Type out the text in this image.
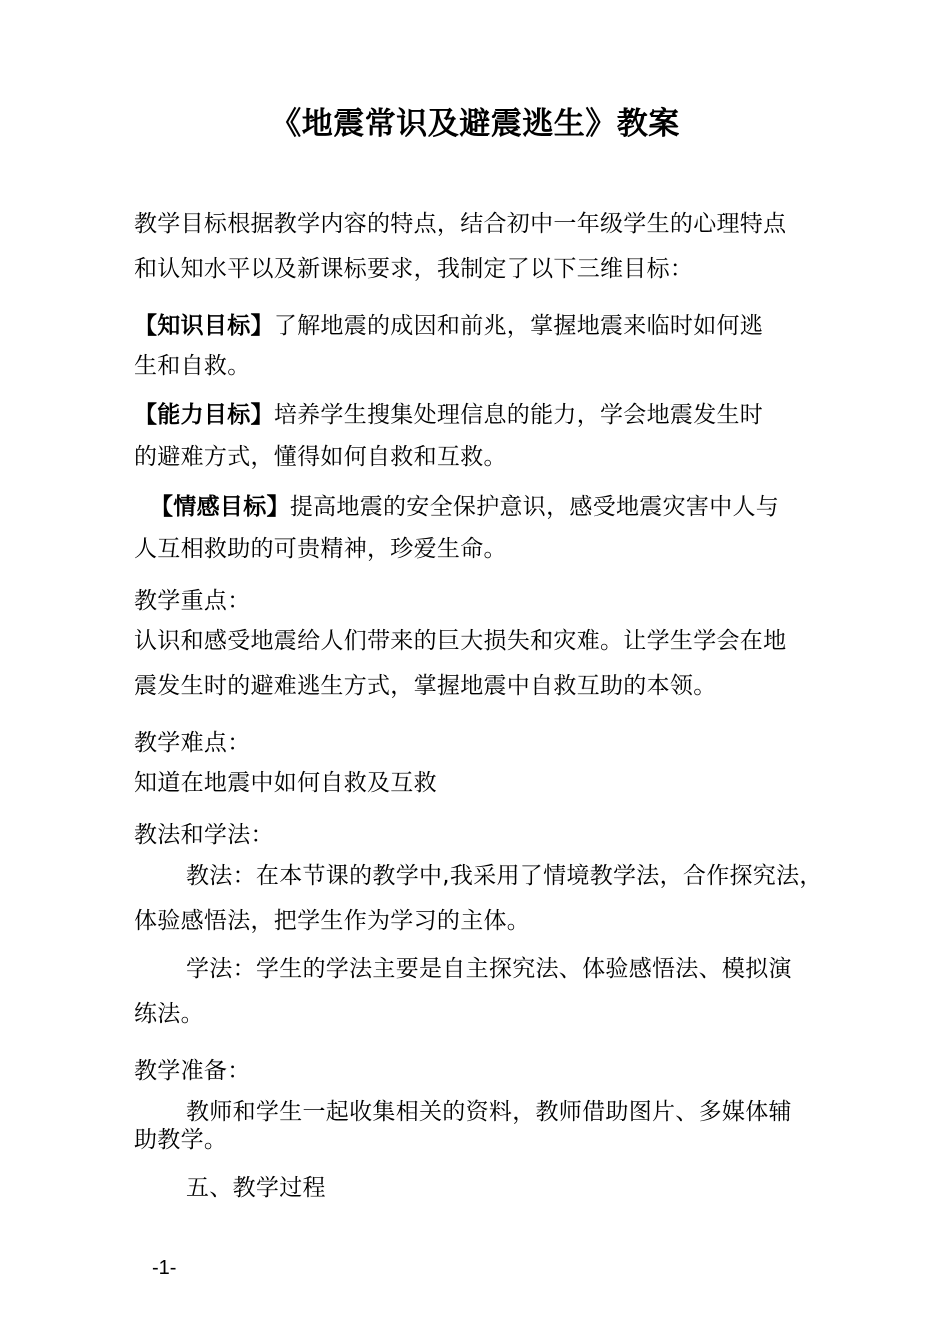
《地震常识及避震逃生》教案

教学目标根据教学内容的特点，结合初中一年级学生的心理特点

和认知水平以及新课标要求，我制定了以下三维目标：

【知识目标】了解地震的成因和前兆，掌握地震来临时如何逃

生和自救。

【能力目标】培养学生搜集处理信息的能力，学会地震发生时

的避难方式，懂得如何自救和互救。

【情感目标】提高地震的安全保护意识，感受地震灾害中人与

人互相救助的可贵精神，珍爱生命。

教学重点：

认识和感受地震给人们带来的巨大损失和灾难。让学生学会在地

震发生时的避难逃生方式，掌握地震中自救互助的本领。

教学难点：

知道在地震中如何自救及互救

教法和学法：

教法：在本节课的教学中,我采用了情境教学法，合作探究法，

体验感悟法，把学生作为学习的主体。

学法：学生的学法主要是自主探究法、体验感悟法、模拟演

练法。

教学准备：

教师和学生一起收集相关的资料，教师借助图片、多媒体辅

助教学。

五、教学过程

-1-
